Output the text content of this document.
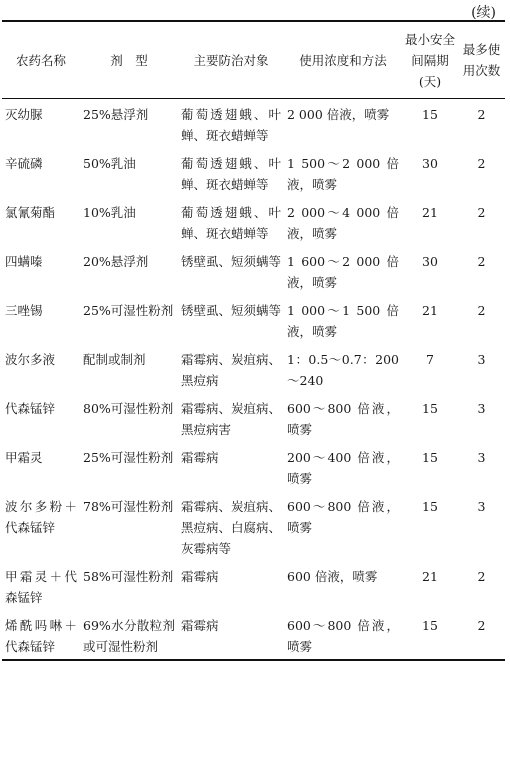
(续)
农药名称	剂　型	主要防治对象	使用浓度和方法	最小安全间隔期(天)	最多使用次数
灭幼脲	25%悬浮剂	葡萄透翅蛾、叶蝉、斑衣蜡蝉等	2 000 倍液，喷雾	15	2
辛硫磷	50%乳油	葡萄透翅蛾、叶蝉、斑衣蜡蝉等	1 500～2 000 倍液，喷雾	30	2
氯氰菊酯	10%乳油	葡萄透翅蛾、叶蝉、斑衣蜡蝉等	2 000～4 000 倍液，喷雾	21	2
四螨嗪	20%悬浮剂	锈壁虱、短须螨等	1 600～2 000 倍液，喷雾	30	2
三唑锡	25%可湿性粉剂	锈壁虱、短须螨等	1 000～1 500 倍液，喷雾	21	2
波尔多液	配制或制剂	霜霉病、炭疽病、黑痘病	1：0.5～0.7：200～240	7	3
代森锰锌	80%可湿性粉剂	霜霉病、炭疽病、黑痘病害	600～800 倍液，喷雾	15	3
甲霜灵	25%可湿性粉剂	霜霉病	200～400 倍液，喷雾	15	3
波尔多粉＋代森锰锌	78%可湿性粉剂	霜霉病、炭疽病、黑痘病、白腐病、灰霉病等	600～800 倍液，喷雾	15	3
甲霜灵＋代森锰锌	58%可湿性粉剂	霜霉病	600 倍液，喷雾	21	2
烯酰吗啉＋代森锰锌	69%水分散粒剂或可湿性粉剂	霜霉病	600～800 倍液，喷雾	15	2
